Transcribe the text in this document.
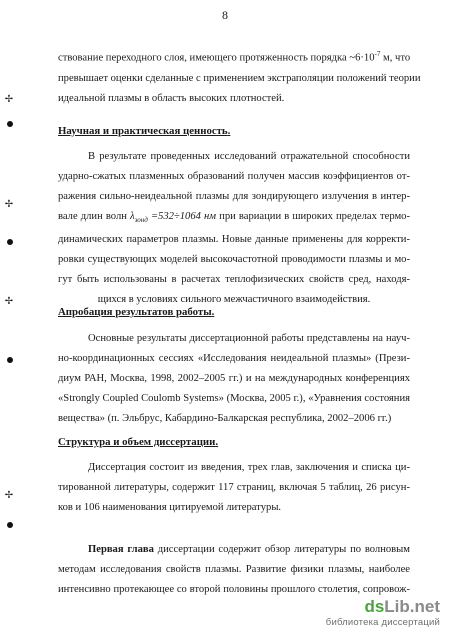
8
✢
✢
✢
✢
ствование переходного слоя, имеющего протяженность порядка $\sim 6\cdot 10^{-7}$ м, что
превышает оценки сделанные с применением экстраполяции положений теории
идеальной плазмы в область высоких плотностей.
Научная и практическая ценность.
В результате проведенных исследований отражательной способности
ударно-сжатых плазменных образований получен массив коэффициентов от-
ражения сильно-неидеальной плазмы для зондирующего излучения в интер-
вале длин волн $\lambda_{зонд} =532\div 1064$ нм при вариации в широких пределах термо-
динамических параметров плазмы. Новые данные применены для корректи-
ровки существующих моделей высокочастотной проводимости плазмы и мо-
гут быть использованы в расчетах теплофизических свойств сред, находя-
щихся в условиях сильного межчастичного взаимодействия.
Апробация результатов работы.
Основные результаты диссертационной работы представлены на науч-
но-координационных сессиях «Исследования неидеальной плазмы» (Прези-
диум РАН, Москва, 1998, 2002–2005 гг.) и на международных конференциях
«Strongly Coupled Coulomb Systems» (Москва, 2005 г.), «Уравнения состояния
вещества» (п. Эльбрус, Кабардино-Балкарская республика, 2002–2006 гг.)
Структура и объем диссертации.
Диссертация состоит из введения, трех глав, заключения и списка ци-
тированной литературы, содержит 117 страниц, включая 5 таблиц, 26 рисун-
ков и 106 наименования цитируемой литературы.
Первая глава диссертации содержит обзор литературы по волновым
методам исследования свойств плазмы. Развитие физики плазмы, наиболее
интенсивно протекающее со второй половины прошлого столетия, сопровож-
dsLib.net
библиотека диссертаций
